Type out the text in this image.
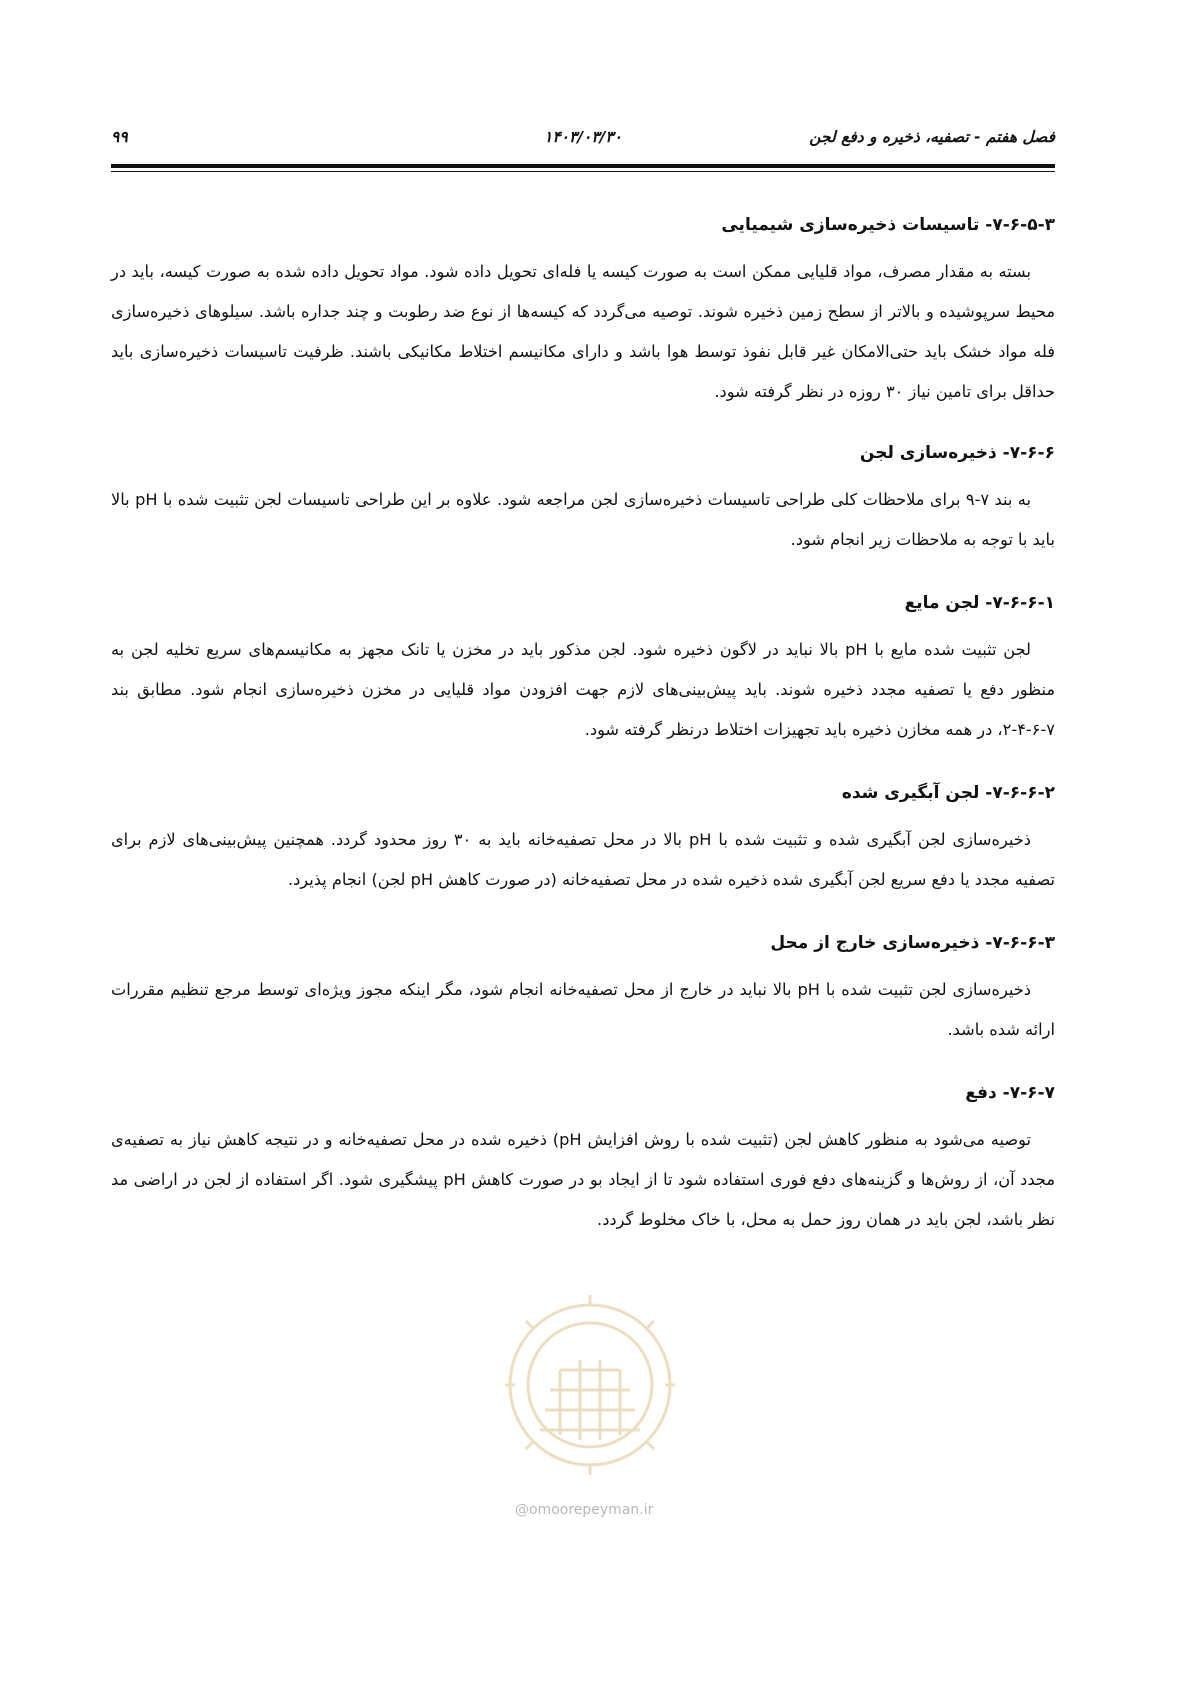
فصل هفتم - تصفیه، ذخیره و دفع لجن
۱۴۰۳/۰۳/۳۰
۹۹
۷-۶-۵-۳- تاسیسات ذخیره‌سازی شیمیایی

بسته به مقدار مصرف، مواد قلیایی ممکن است به صورت کیسه یا فله‌ای تحویل داده شود. مواد تحویل داده شده به صورت کیسه، باید در محیط سرپوشیده و بالاتر از سطح زمین ذخیره شوند. توصیه می‌گردد که کیسه‌ها از نوع ضد رطوبت و چند جداره باشد. سیلوهای ذخیره‌سازی فله مواد خشک باید حتی‌الامکان غیر قابل نفوذ توسط هوا باشد و دارای مکانیسم اختلاط مکانیکی باشند. ظرفیت تاسیسات ذخیره‌سازی باید حداقل برای تامین نیاز ۳۰ روزه در نظر گرفته شود.

۷-۶-۶- ذخیره‌سازی لجن

به بند ۷-۹ برای ملاحظات کلی طراحی تاسیسات ذخیره‌سازی لجن مراجعه شود. علاوه بر این طراحی تاسیسات لجن تثبیت شده با pH بالا باید با توجه به ملاحظات زیر انجام شود.

۷-۶-۶-۱- لجن مایع

لجن تثبیت شده مایع با pH بالا نباید در لاگون ذخیره شود. لجن مذکور باید در مخزن یا تانک مجهز به مکانیسم‌های سریع تخلیه لجن به منظور دفع یا تصفیه مجدد ذخیره شوند. باید پیش‌بینی‌های لازم جهت افزودن مواد قلیایی در مخزن ذخیره‌سازی انجام شود. مطابق بند ۷-۶-۴-۲، در همه مخازن ذخیره باید تجهیزات اختلاط درنظر گرفته شود.

۷-۶-۶-۲- لجن آبگیری شده

ذخیره‌سازی لجن آبگیری شده و تثبیت شده با pH بالا در محل تصفیه‌خانه باید به ۳۰ روز محدود گردد. همچنین پیش‌بینی‌های لازم برای تصفیه مجدد یا دفع سریع لجن آبگیری شده ذخیره شده در محل تصفیه‌خانه (در صورت کاهش pH لجن) انجام پذیرد.

۷-۶-۶-۳- ذخیره‌سازی خارج از محل

ذخیره‌سازی لجن تثبیت شده با pH بالا نباید در خارج از محل تصفیه‌خانه انجام شود، مگر اینکه مجوز ویژه‌ای توسط مرجع تنظیم مقررات ارائه شده باشد.

۷-۶-۷- دفع

توصیه می‌شود به منظور کاهش لجن (تثبیت شده با روش افزایش pH) ذخیره شده در محل تصفیه‌خانه و در نتیجه کاهش نیاز به تصفیه‌ی مجدد آن، از روش‌ها و گزینه‌های دفع فوری استفاده شود تا از ایجاد بو در صورت کاهش pH پیشگیری شود. اگر استفاده از لجن در اراضی مد نظر باشد، لجن باید در همان روز حمل به محل، با خاک مخلوط گردد.

@omoorepeyman.ir
